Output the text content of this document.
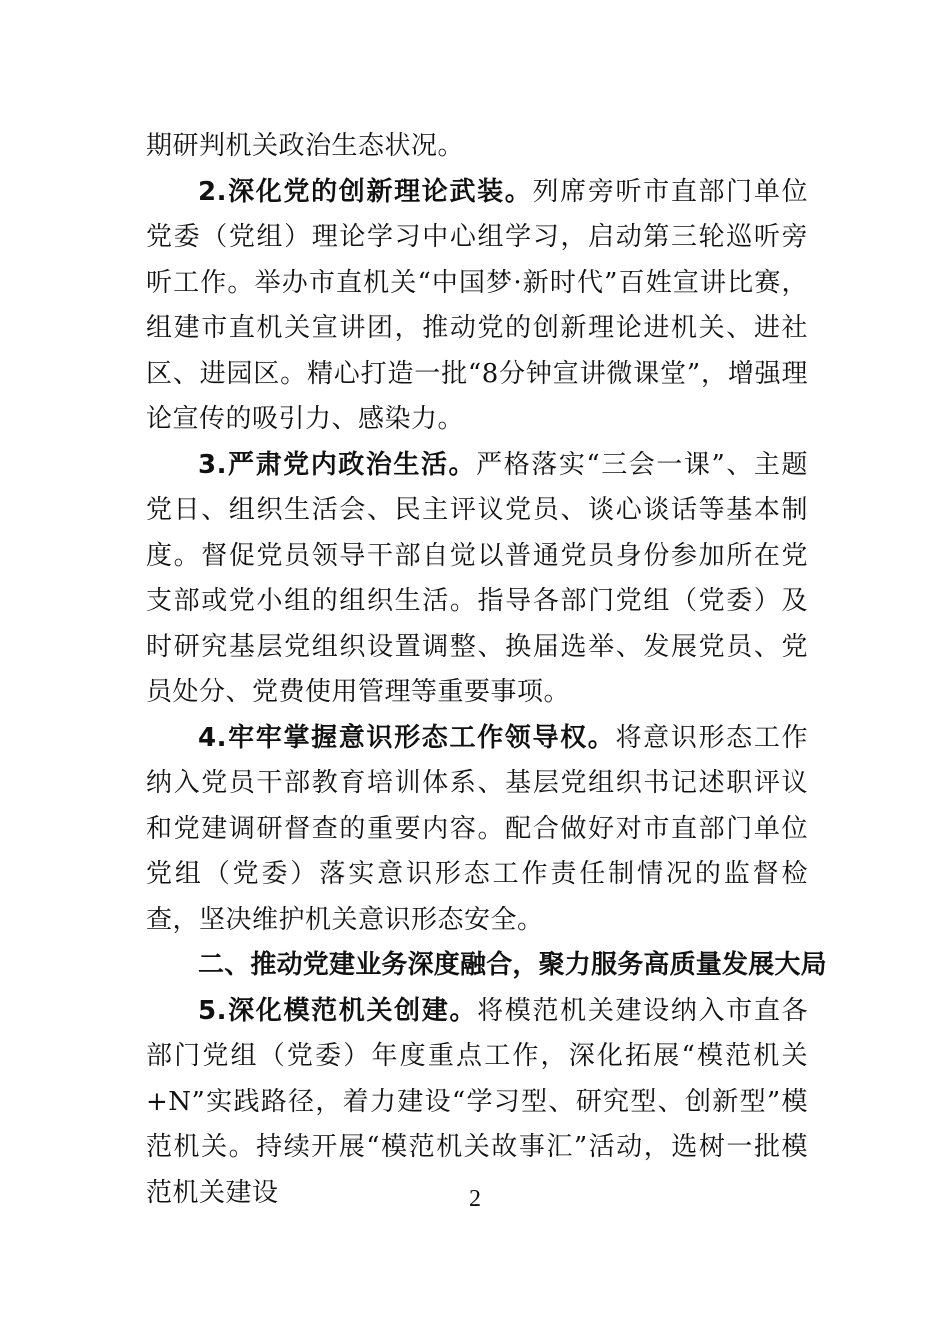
期研判机关政治生态状况。

2.深化党的创新理论武装。列席旁听市直部门单位党委（党组）理论学习中心组学习，启动第三轮巡听旁听工作。举办市直机关“中国梦·新时代”百姓宣讲比赛，组建市直机关宣讲团，推动党的创新理论进机关、进社区、进园区。精心打造一批“8分钟宣讲微课堂”，增强理论宣传的吸引力、感染力。

3.严肃党内政治生活。严格落实“三会一课”、主题党日、组织生活会、民主评议党员、谈心谈话等基本制度。督促党员领导干部自觉以普通党员身份参加所在党支部或党小组的组织生活。指导各部门党组（党委）及时研究基层党组织设置调整、换届选举、发展党员、党员处分、党费使用管理等重要事项。

4.牢牢掌握意识形态工作领导权。将意识形态工作纳入党员干部教育培训体系、基层党组织书记述职评议和党建调研督查的重要内容。配合做好对市直部门单位党组（党委）落实意识形态工作责任制情况的监督检查，坚决维护机关意识形态安全。

二、推动党建业务深度融合，聚力服务高质量发展大局

5.深化模范机关创建。将模范机关建设纳入市直各部门党组（党委）年度重点工作，深化拓展“模范机关+N”实践路径，着力建设“学习型、研究型、创新型”模范机关。持续开展“模范机关故事汇”活动，选树一批模范机关建设	2
